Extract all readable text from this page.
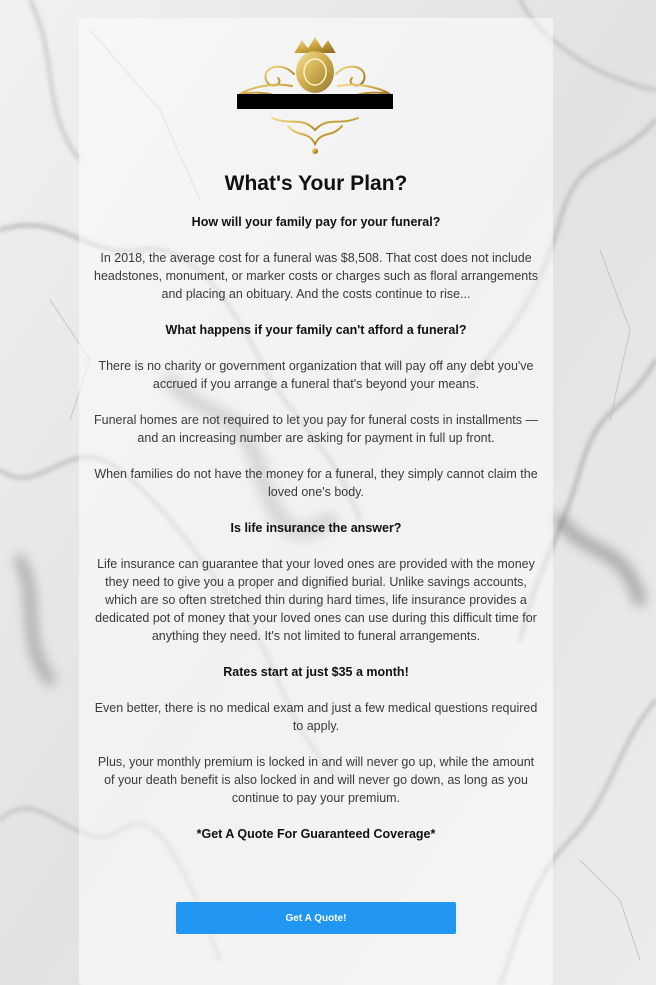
What's Your Plan?

How will your family pay for your funeral?

In 2018, the average cost for a funeral was $8,508. That cost does not include headstones, monument, or marker costs or charges such as floral arrangements and placing an obituary. And the costs continue to rise...

What happens if your family can't afford a funeral?

There is no charity or government organization that will pay off any debt you've accrued if you arrange a funeral that's beyond your means.

Funeral homes are not required to let you pay for funeral costs in installments — and an increasing number are asking for payment in full up front.

When families do not have the money for a funeral, they simply cannot claim the loved one's body.

Is life insurance the answer?

Life insurance can guarantee that your loved ones are provided with the money they need to give you a proper and dignified burial. Unlike savings accounts, which are so often stretched thin during hard times, life insurance provides a dedicated pot of money that your loved ones can use during this difficult time for anything they need. It's not limited to funeral arrangements.

Rates start at just $35 a month!

Even better, there is no medical exam and just a few medical questions required to apply.

Plus, your monthly premium is locked in and will never go up, while the amount of your death benefit is also locked in and will never go down, as long as you continue to pay your premium.

*Get A Quote For Guaranteed Coverage*

Get A Quote!
